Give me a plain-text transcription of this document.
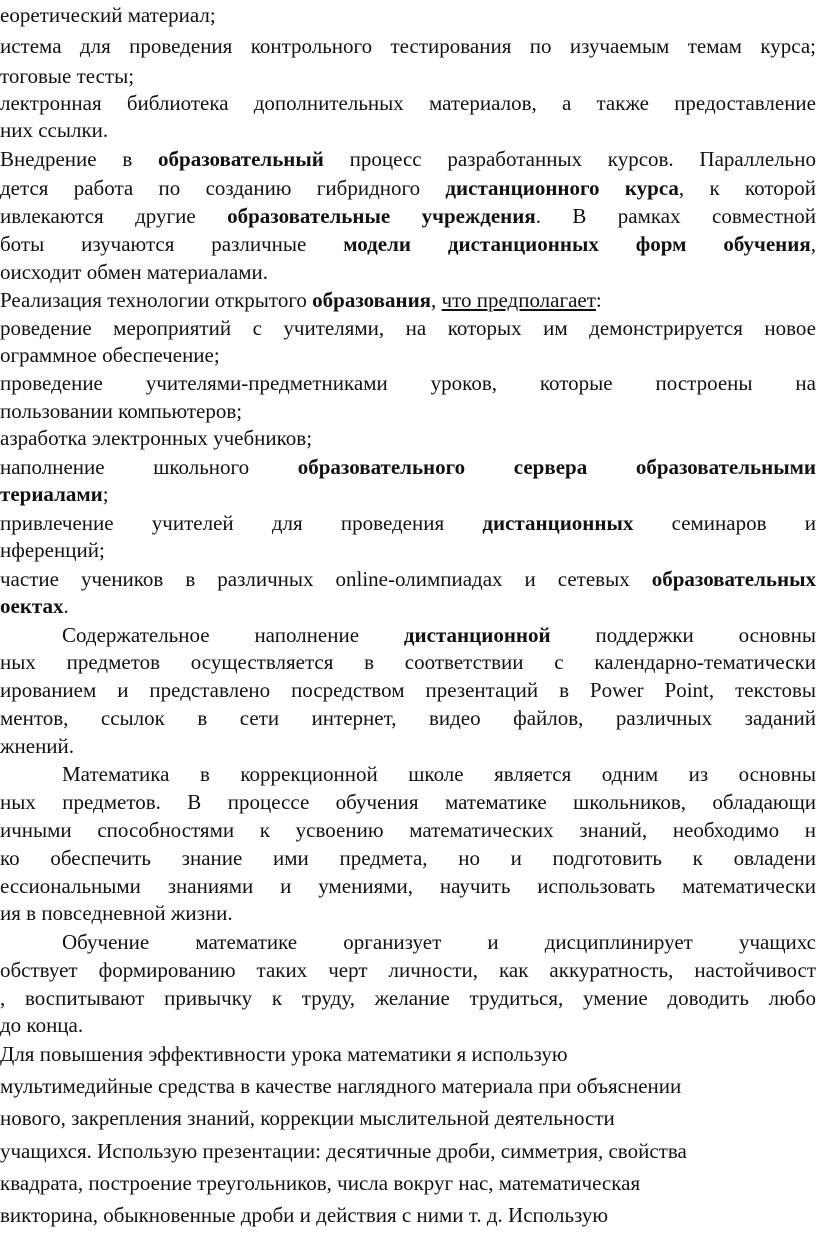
еоретический материал;
истема для проведения контрольного тестирования по изучаемым темам курса;
тоговые тесты;
лектронная библиотека дополнительных материалов, а также предоставление
них ссылки.
Внедрение в образовательный процесс разработанных курсов. Параллельно
дется работа по созданию гибридного дистанционного курса, к которой
ивлекаются другие образовательные учреждения. В рамках совместной
боты изучаются различные модели дистанционных форм обучения,
оисходит обмен материалами.
Реализация технологии открытого образования, что предполагает:
роведение мероприятий с учителями, на которых им демонстрируется новое
ограммное обеспечение;
проведение учителями-предметниками уроков, которые построены на
пользовании компьютеров;
азработка электронных учебников;
наполнение школьного образовательного сервера образовательными
териалами;
привлечение учителей для проведения дистанционных семинаров и
нференций;
частие учеников в различных online-олимпиадах и сетевых образовательных
оектах.
Содержательное наполнение дистанционной поддержки основны
ных предметов осуществляется в соответствии с календарно-тематически
ированием и представлено посредством презентаций в Power Point, текстовы
ментов, ссылок в сети интернет, видео файлов, различных заданий
жнений.
Математика в коррекционной школе является одним из основны
ных предметов. В процессе обучения математике школьников, обладающи
ичными способностями к усвоению математических знаний, необходимо н
ко обеспечить знание ими предмета, но и подготовить к овладени
ессиональными знаниями и умениями, научить использовать математически
ия в повседневной жизни.
Обучение математике организует и дисциплинирует учащихс
обствует формированию таких черт личности, как аккуратность, настойчивост
, воспитывают привычку к труду, желание трудиться, умение доводить любо
до конца.
Для повышения эффективности урока математики я использую
мультимедийные средства в качестве наглядного материала при объяснении
нового, закрепления знаний, коррекции мыслительной деятельности
учащихся. Использую презентации: десятичные дроби, симметрия, свойства
квадрата, построение треугольников, числа вокруг нас, математическая
викторина, обыкновенные дроби и действия с ними т. д. Использую
